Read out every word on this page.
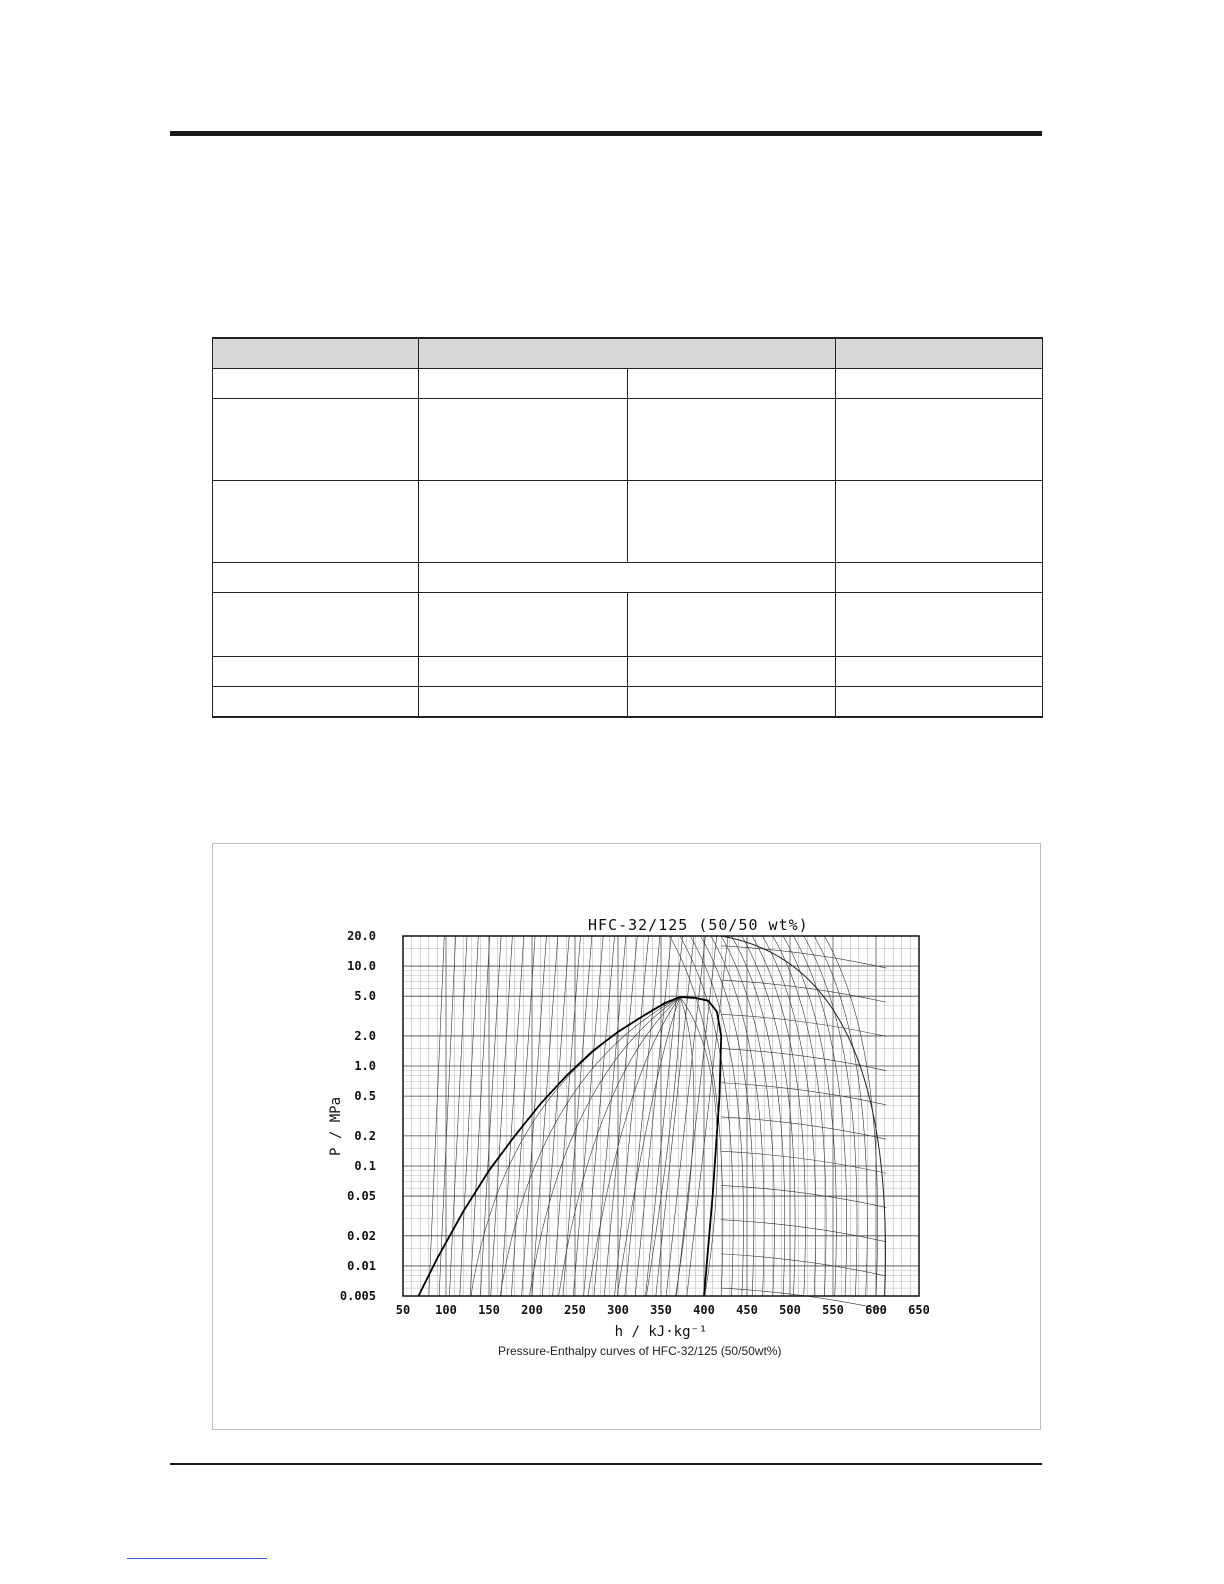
HFC-32/125 (50/50 wt%)
20.0
10.0
5.0
2.0
1.0
0.5
0.2
0.1
0.05
0.02
0.01
0.005
50 100 150 200 250 300 350 400 450 500 550 600 650
P / MPa
h / kJ·kg⁻¹
Pressure-Enthalpy curves of HFC-32/125 (50/50wt%)
